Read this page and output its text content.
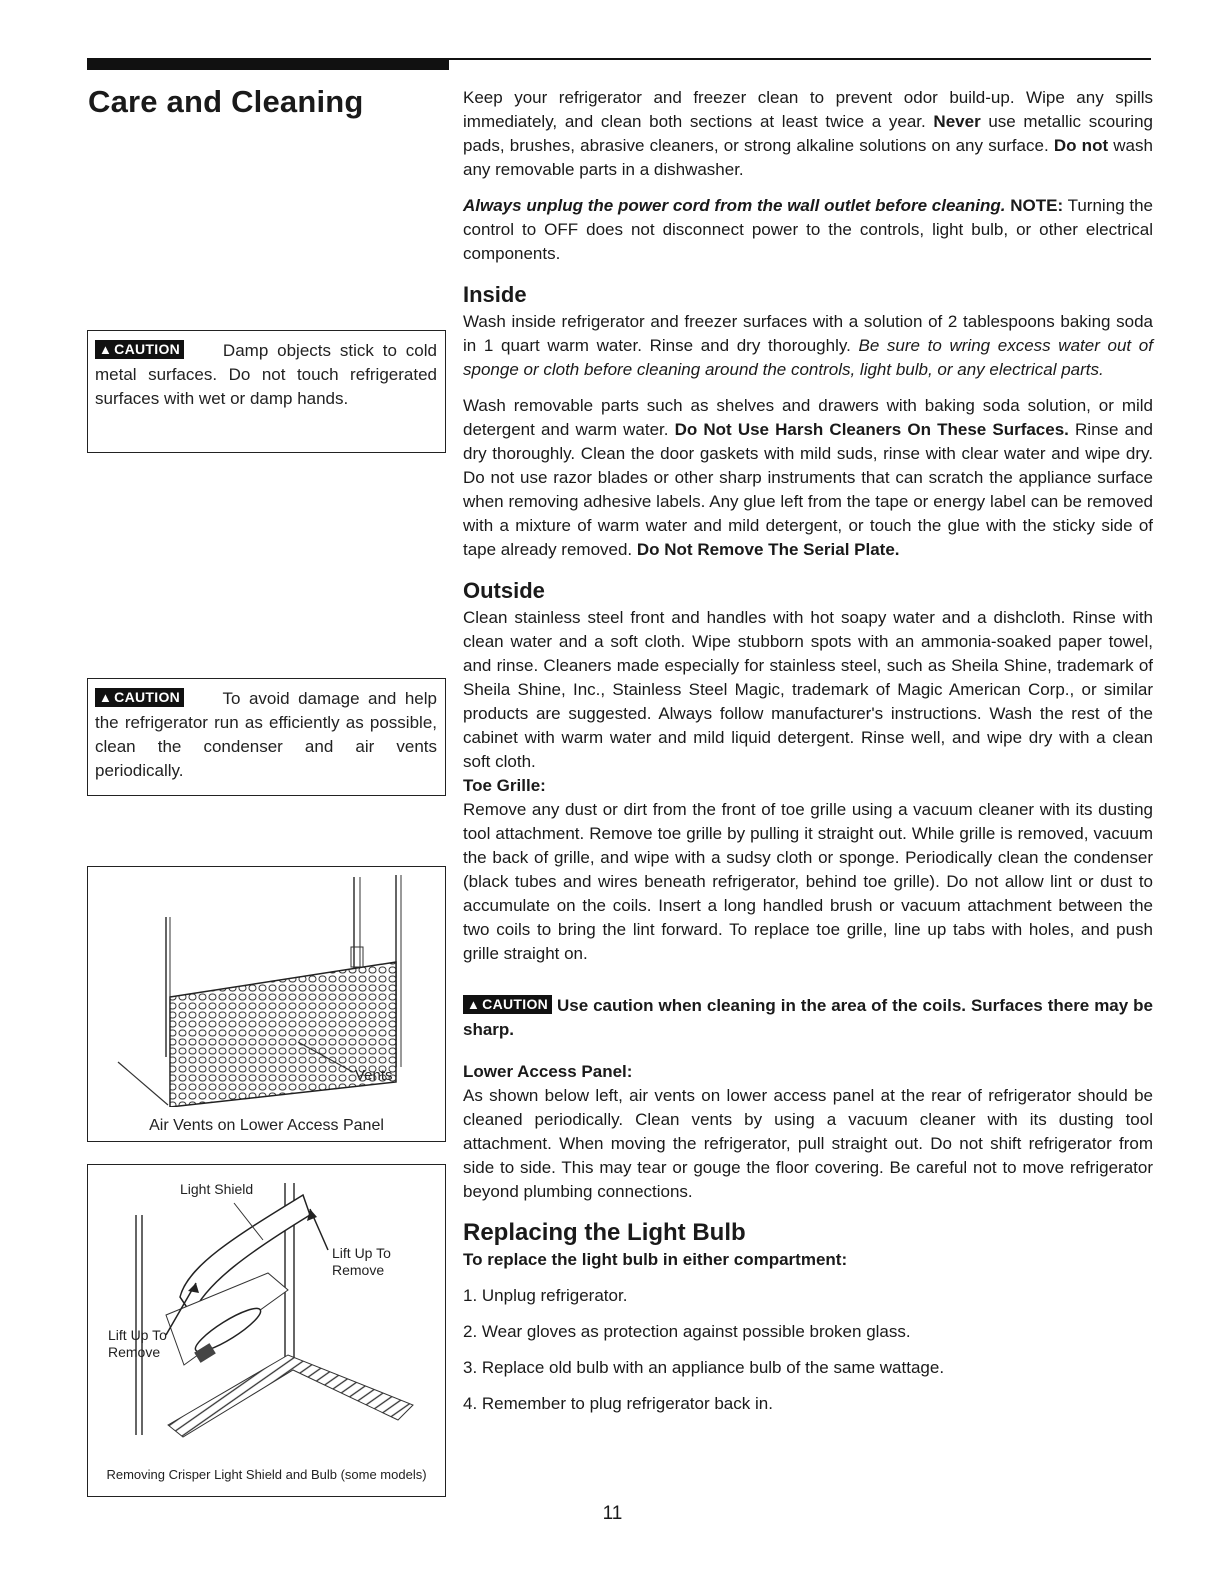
Care and Cleaning	Keep your refrigerator and freezer clean to prevent odor build-up. Wipe any spills immediately, and clean both sections at least twice a year. Never use metallic scouring pads, brushes, abrasive cleaners, or strong alkaline solutions on any surface. Do not wash any removable parts in a dishwasher.

Always unplug the power cord from the wall outlet before cleaning. NOTE: Turning the control to OFF does not disconnect power to the controls, light bulb, or other electrical components.

Inside

Wash inside refrigerator and freezer surfaces with a solution of 2 tablespoons baking soda in 1 quart warm water. Rinse and dry thoroughly. Be sure to wring excess water out of sponge or cloth before cleaning around the controls, light bulb, or any electrical parts.

Wash removable parts such as shelves and drawers with baking soda solution, or mild detergent and warm water. Do Not Use Harsh Cleaners On These Surfaces. Rinse and dry thoroughly. Clean the door gaskets with mild suds, rinse with clear water and wipe dry. Do not use razor blades or other sharp instruments that can scratch the appliance surface when removing adhesive labels. Any glue left from the tape or energy label can be removed with a mixture of warm water and mild detergent, or touch the glue with the sticky side of tape already removed. Do Not Remove The Serial Plate.

Outside

Clean stainless steel front and handles with hot soapy water and a dishcloth. Rinse with clean water and a soft cloth. Wipe stubborn spots with an ammonia-soaked paper towel, and rinse. Cleaners made especially for stainless steel, such as Sheila Shine, trademark of Sheila Shine, Inc., Stainless Steel Magic, trademark of Magic American Corp., or similar products are suggested. Always follow manufacturer's instructions. Wash the rest of the cabinet with warm water and mild liquid detergent. Rinse well, and wipe dry with a clean soft cloth.

Toe Grille:

Remove any dust or dirt from the front of toe grille using a vacuum cleaner with its dusting tool attachment. Remove toe grille by pulling it straight out. While grille is removed, vacuum the back of grille, and wipe with a sudsy cloth or sponge. Periodically clean the condenser (black tubes and wires beneath refrigerator, behind toe grille). Do not allow lint or dust to accumulate on the coils. Insert a long handled brush or vacuum attachment between the two coils to bring the lint forward. To replace toe grille, line up tabs with holes, and push grille straight on.

▲ CAUTION Use caution when cleaning in the area of the coils. Surfaces there may be sharp.

Lower Access Panel:

As shown below left, air vents on lower access panel at the rear of refrigerator should be cleaned periodically. Clean vents by using a vacuum cleaner with its dusting tool attachment. When moving the refrigerator, pull straight out. Do not shift refrigerator from side to side. This may tear or gouge the floor covering. Be careful not to move refrigerator beyond plumbing connections.

Replacing the Light Bulb

To replace the light bulb in either compartment:

1. Unplug refrigerator.

2. Wear gloves as protection against possible broken glass.

3. Replace old bulb with an appliance bulb of the same wattage.

4. Remember to plug refrigerator back in.

▲ CAUTION	Damp objects stick to cold metal surfaces. Do not touch refrigerated surfaces with wet or damp hands.
▲ CAUTION To avoid damage and help the refrigerator run as efficiently as possible, clean the condenser and air vents periodically.
Vents
Air Vents on Lower Access Panel
Light Shield
Lift Up To
Remove
Lift Up To
Remove
Removing Crisper Light Shield and Bulb (some models)
11
